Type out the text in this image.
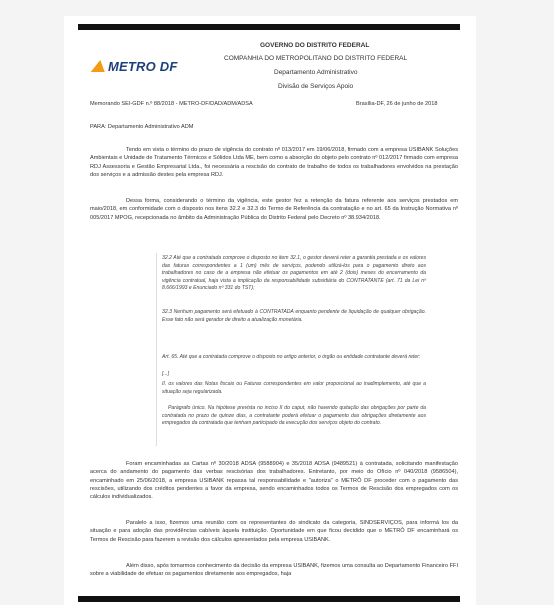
METRO DF
GOVERNO DO DISTRITO FEDERAL
COMPANHIA DO METROPOLITANO DO DISTRITO FEDERAL
Departamento Administrativo
Divisão de Serviços Apoio
Memorando SEI-GDF n.º 88/2018 - METRO-DF/DAD/ADM/ADSA	Brasília-DF, 26 de junho de 2018
PARA: Departamento Administrativo ADM
Tendo em vista o término do prazo de vigência do contrato nº 013/2017 em 19/06/2018, firmado com a empresa USIBANK Soluções Ambientais e Unidade de Tratamento Térmicos e Sólidos Ltda ME, bem como a absorção do objeto pelo contrato nº 012/2017 firmado com empresa RDJ Assessoria e Gestão Empresarial Ltda., foi necessária a rescisão do contrato de trabalho de todos os trabalhadores envolvidos na prestação dos serviços e a admissão destes pela empresa RDJ.
Dessa forma, considerando o término da vigência, este gestor fez a retenção da fatura referente aos serviços prestados em maio/2018, em conformidade com o disposto nos itens 32.2 e 32.3 do Termo de Referência da contratação e no art. 65 da Instrução Normativa nº 005/2017 MPOG, recepcionada no âmbito da Administração Pública do Distrito Federal pelo Decreto nº 38.934/2018.
32.2 Até que a contratada comprove o disposto no item 32.1, o gestor deverá reter a garantia prestada e os valores das faturas correspondentes a 1 (um) mês de serviços, podendo utilizá-los para o pagamento direto aos trabalhadores no caso de a empresa não efetuar os pagamentos em até 2 (dois) meses do encerramento da vigência contratual, haja vista a implicação da responsabilidade subsidiária do CONTRATANTE (art. 71 da Lei nº 8.666/1993 e Enunciado nº 331 do TST);
32.3 Nenhum pagamento será efetuado à CONTRATADA enquanto pendente de liquidação de qualquer obrigação. Esse fato não será gerador de direito a atualização monetária.
Art. 65. Até que a contratada comprove o disposto no artigo anterior, o órgão ou entidade contratante deverá reter:
[...]
II. os valores das Notas fiscais ou Faturas correspondentes em valor proporcional ao inadimplemento, até que a situação seja regularizada.
Parágrafo único. Na hipótese prevista no inciso II do caput, não havendo quitação das obrigações por parte da contratada no prazo de quinze dias, a contratante poderá efetuar o pagamento das obrigações diretamente aos empregados da contratada que tenham participado da execução dos serviços objeto do contrato.
Foram encaminhadas as Cartas nº 30/2018 ADSA (9588904) e 35/2018 ADSA (9489521) à contratada, solicitando manifestação acerca do andamento do pagamento das verbas rescisórias dos trabalhadores. Entretanto, por meio do Ofício nº 040/2018 (9586504), encaminhado em 25/06/2018, a empresa USIBANK repassa tal responsabilidade e "autoriza" o METRÔ DF proceder com o pagamento das rescisões, utilizando dos créditos pendentes a favor da empresa, sendo encaminhados todos os Termos de Rescisão dos empregados com os cálculos individualizados.
Paralelo a isso, fizemos uma reunião com os representantes do sindicato da categoria, SINDSERVIÇOS, para informá los da situação e para adoção das providências cabíveis àquela instituição. Oportunidade em que ficou decidido que o METRÔ DF encaminhará os Termos de Rescisão para fazerem a revisão dos cálculos apresentados pela empresa USIBANK.
Além disso, após tomarmos conhecimento da decisão da empresa USIBANK, fizemos uma consulta ao Departamento Financeiro FFI sobre a viabilidade de efetuar os pagamentos diretamente aos empregados, haja
